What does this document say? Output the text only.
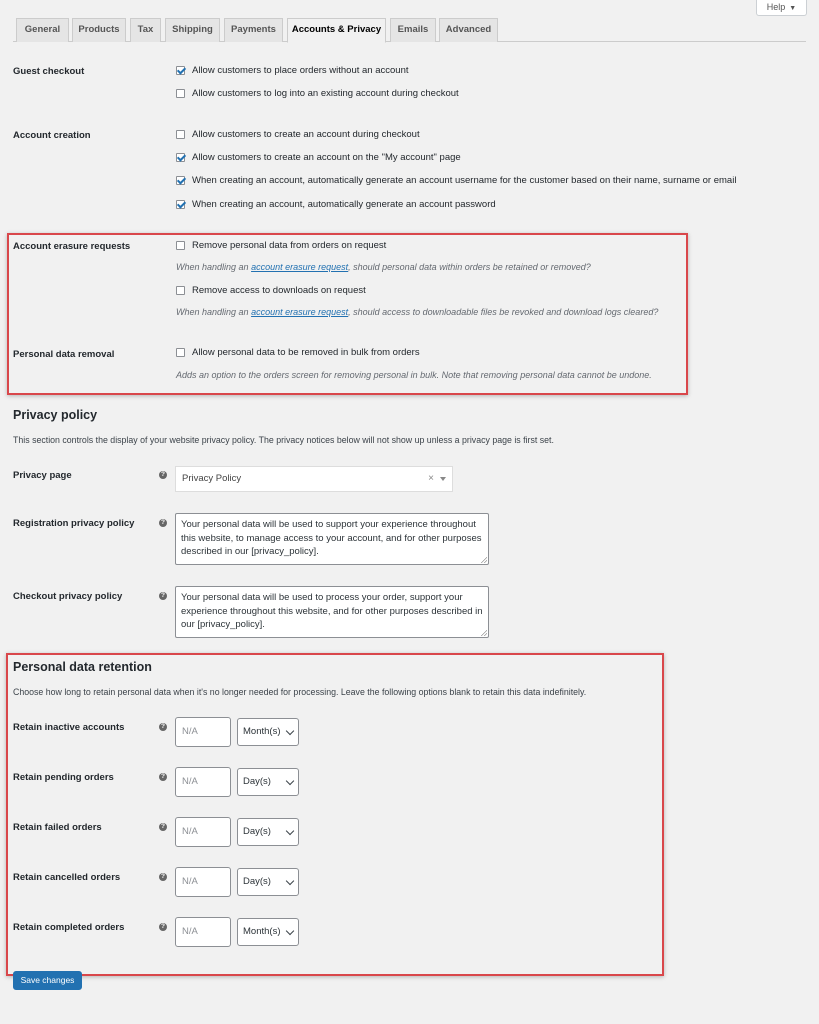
Help ▼
General	Products	Tax	Shipping	Payments	Accounts & Privacy	Emails	Advanced
Guest checkout	Allow customers to place orders without an account
Allow customers to log into an existing account during checkout
Account creation	Allow customers to create an account during checkout
Allow customers to create an account on the "My account" page
When creating an account, automatically generate an account username for the customer based on their name, surname or email
When creating an account, automatically generate an account password
Account erasure requests	Remove personal data from orders on request
When handling an account erasure request, should personal data within orders be retained or removed?
Remove access to downloads on request
When handling an account erasure request, should access to downloadable files be revoked and download logs cleared?
Personal data removal	Allow personal data to be removed in bulk from orders
Adds an option to the orders screen for removing personal in bulk. Note that removing personal data cannot be undone.
Privacy policy
This section controls the display of your website privacy policy. The privacy notices below will not show up unless a privacy page is first set.
Privacy page	?	Privacy Policy	×
Registration privacy policy	?	Your personal data will be used to support your experience throughout this website, to manage access to your account, and for other purposes described in our [privacy_policy].
Checkout privacy policy	?	Your personal data will be used to process your order, support your experience throughout this website, and for other purposes described in our [privacy_policy].
Personal data retention
Choose how long to retain personal data when it's no longer needed for processing. Leave the following options blank to retain this data indefinitely.
Retain inactive accounts	?	N/A	Month(s)
Retain pending orders	?	N/A	Day(s)
Retain failed orders	?	N/A	Day(s)
Retain cancelled orders	?	N/A	Day(s)
Retain completed orders	?	N/A	Month(s)
Save changes
